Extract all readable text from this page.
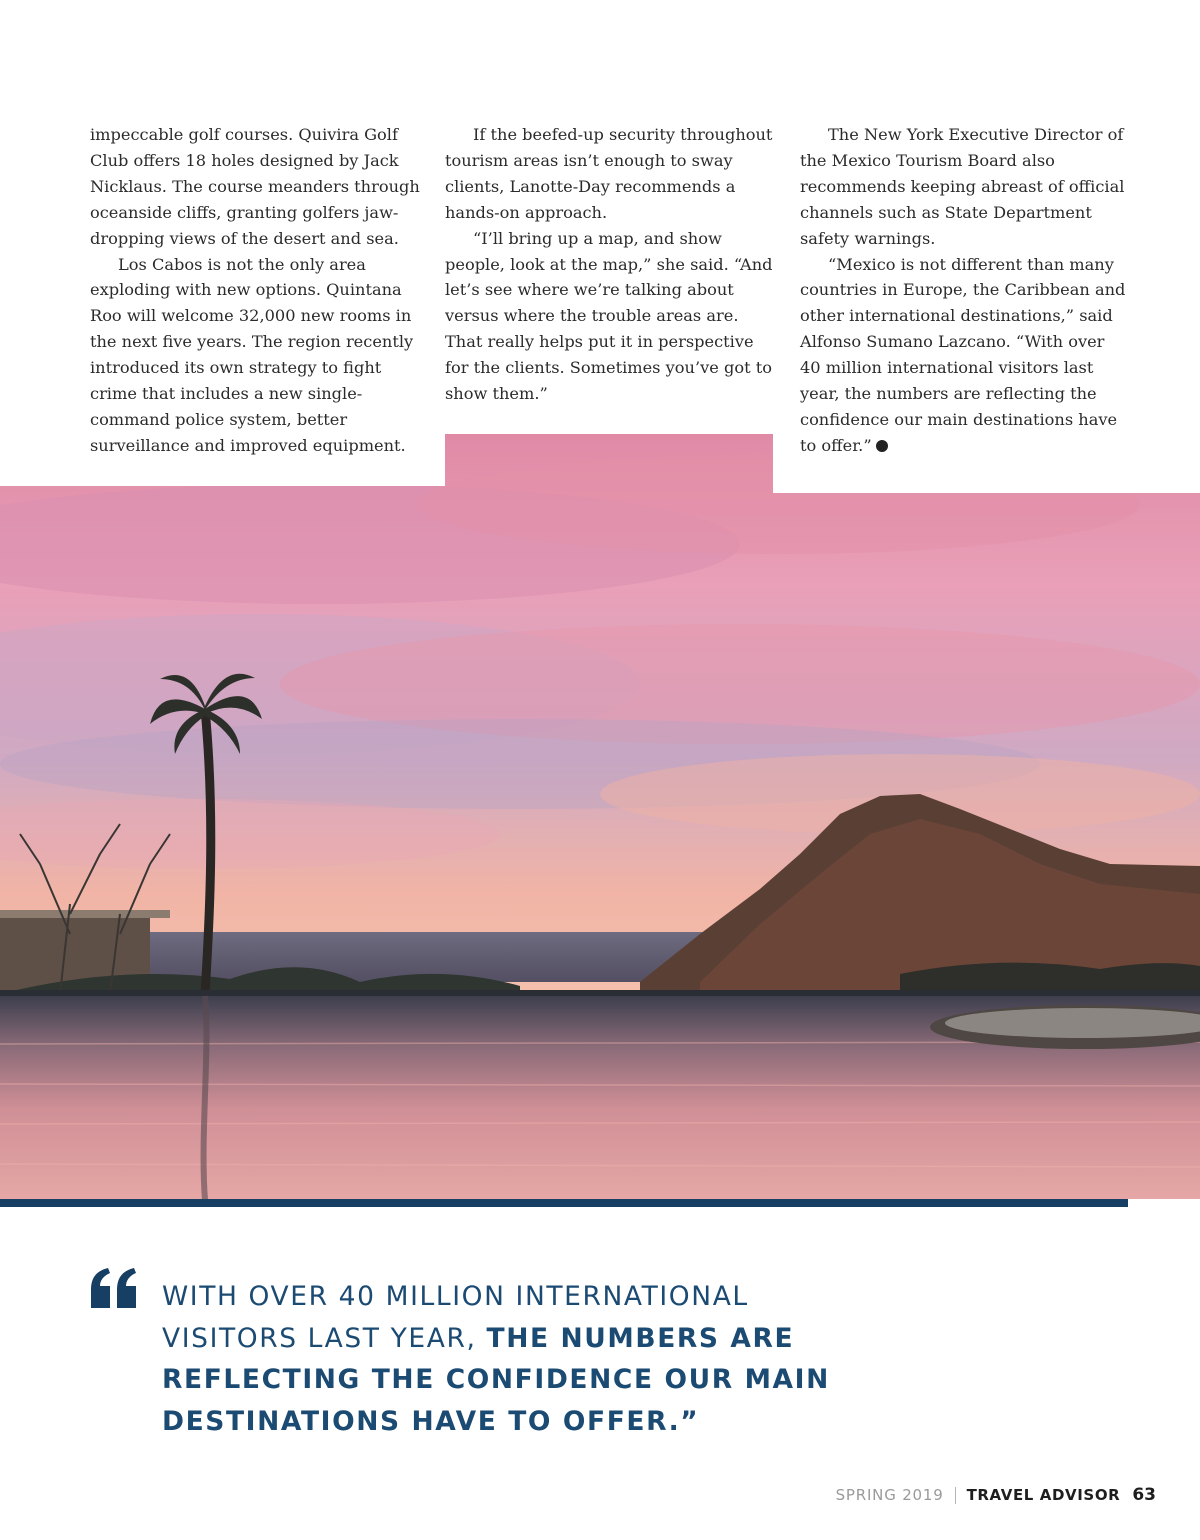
impeccable golf courses. Quivira Golf Club offers 18 holes designed by Jack Nicklaus. The course meanders through oceanside cliffs, granting golfers jaw-dropping views of the desert and sea.

Los Cabos is not the only area exploding with new options. Quintana Roo will welcome 32,000 new rooms in the next five years. The region recently introduced its own strategy to fight crime that includes a new single-command police system, better surveillance and improved equipment.

If the beefed-up security throughout tourism areas isn’t enough to sway clients, Lanotte-Day recommends a hands-on approach.

“I’ll bring up a map, and show people, look at the map,” she said. “And let’s see where we’re talking about versus where the trouble areas are. That really helps put it in perspective for the clients. Sometimes you’ve got to show them.”

The New York Executive Director of the Mexico Tourism Board also recommends keeping abreast of official channels such as State Department safety warnings.

“Mexico is not different than many countries in Europe, the Caribbean and other international destinations,” said Alfonso Sumano Lazcano. “With over 40 million international visitors last year, the numbers are reflecting the confidence our main destinations have to offer.”

WITH OVER 40 MILLION INTERNATIONAL VISITORS LAST YEAR, THE NUMBERS ARE REFLECTING THE CONFIDENCE OUR MAIN DESTINATIONS HAVE TO OFFER.”
SPRING 2019 TRAVEL ADVISOR 63
